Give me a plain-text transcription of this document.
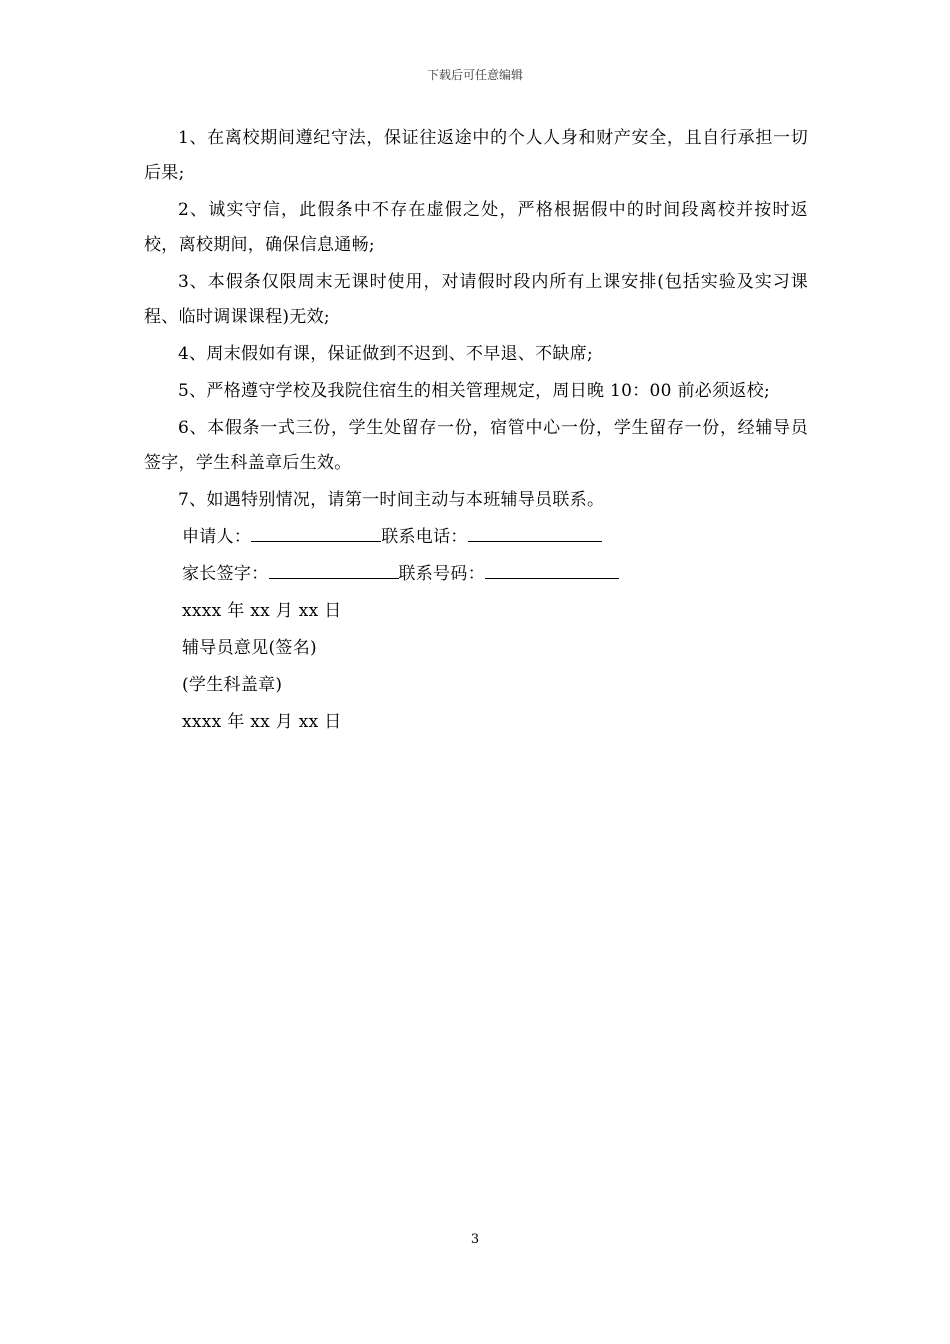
下载后可任意编辑

1、在离校期间遵纪守法，保证往返途中的个人人身和财产安全，且自行承担一切后果;

2、诚实守信，此假条中不存在虚假之处，严格根据假中的时间段离校并按时返校，离校期间，确保信息通畅;

3、本假条仅限周末无课时使用，对请假时段内所有上课安排(包括实验及实习课程、临时调课课程)无效;

4、周末假如有课，保证做到不迟到、不早退、不缺席;

5、严格遵守学校及我院住宿生的相关管理规定，周日晚 10：00 前必须返校;

6、本假条一式三份，学生处留存一份，宿管中心一份，学生留存一份，经辅导员签字，学生科盖章后生效。

7、如遇特别情况，请第一时间主动与本班辅导员联系。

申请人：	联系电话：
家长签字：	联系号码：
xxxx 年 xx 月 xx 日
辅导员意见(签名)
(学生科盖章)
xxxx 年 xx 月 xx 日
3
